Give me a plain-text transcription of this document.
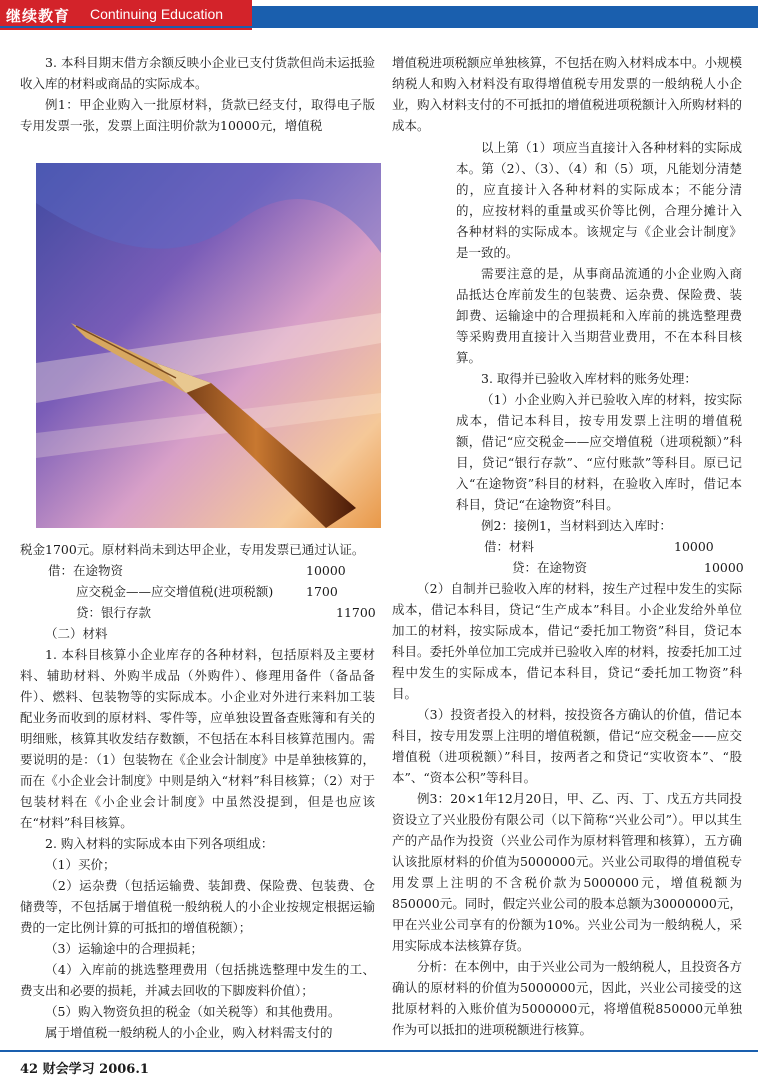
继续教育 Continuing Education

3. 本科目期末借方余额反映小企业已支付货款但尚未运抵验收入库的材料或商品的实际成本。

例1：甲企业购入一批原材料，货款已经支付，取得电子版专用发票一张，发票上面注明价款为10000元，增值税

税金1700元。原材料尚未到达甲企业，专用发票已通过认证。

借：在途物资	10000
应交税金——应交增值税(进项税额)	1700
贷：银行存款	11700

（二）材料

1. 本科目核算小企业库存的各种材料，包括原料及主要材料、辅助材料、外购半成品（外购件）、修理用备件（备品备件）、燃料、包装物等的实际成本。小企业对外进行来料加工装配业务而收到的原材料、零件等，应单独设置备查账簿和有关的明细账，核算其收发结存数额，不包括在本科目核算范围内。需要说明的是：（1）包装物在《企业会计制度》中是单独核算的，而在《小企业会计制度》中则是纳入“材料”科目核算；（2）对于包装材料在《小企业会计制度》中虽然没提到，但是也应该在“材料”科目核算。

2. 购入材料的实际成本由下列各项组成：

（1）买价；

（2）运杂费（包括运输费、装卸费、保险费、包装费、仓储费等，不包括属于增值税一般纳税人的小企业按规定根据运输费的一定比例计算的可抵扣的增值税额）；

（3）运输途中的合理损耗；

（4）入库前的挑选整理费用（包括挑选整理中发生的工、费支出和必要的损耗，并减去回收的下脚废料价值）；

（5）购入物资负担的税金（如关税等）和其他费用。

属于增值税一般纳税人的小企业，购入材料需支付的

增值税进项税额应单独核算，不包括在购入材料成本中。小规模纳税人和购入材料没有取得增值税专用发票的一般纳税人小企业，购入材料支付的不可抵扣的增值税进项税额计入所购材料的成本。

以上第（1）项应当直接计入各种材料的实际成本。第（2）、（3）、（4）和（5）项，凡能划分清楚的，应直接计入各种材料的实际成本；不能分清的，应按材料的重量或买价等比例，合理分摊计入各种材料的实际成本。该规定与《企业会计制度》是一致的。

需要注意的是，从事商品流通的小企业购入商品抵达仓库前发生的包装费、运杂费、保险费、装卸费、运输途中的合理损耗和入库前的挑选整理费等采购费用直接计入当期营业费用，不在本科目核算。

3. 取得并已验收入库材料的账务处理：

（1）小企业购入并已验收入库的材料，按实际成本，借记本科目，按专用发票上注明的增值税额，借记“应交税金——应交增值税（进项税额）”科目，贷记“银行存款”、“应付账款”等科目。原已记入“在途物资”科目的材料，在验收入库时，借记本科目，贷记“在途物资”科目。

例2：接例1，当材料到达入库时：

借：材料	10000
贷：在途物资	10000

（2）自制并已验收入库的材料，按生产过程中发生的实际成本，借记本科目，贷记“生产成本”科目。小企业发给外单位加工的材料，按实际成本，借记“委托加工物资”科目，贷记本科目。委托外单位加工完成并已验收入库的材料，按委托加工过程中发生的实际成本，借记本科目，贷记“委托加工物资”科目。

（3）投资者投入的材料，按投资各方确认的价值，借记本科目，按专用发票上注明的增值税额，借记“应交税金——应交增值税（进项税额）”科目，按两者之和贷记“实收资本”、“股本”、“资本公积”等科目。

例3：20×1年12月20日，甲、乙、丙、丁、戊五方共同投资设立了兴业股份有限公司（以下简称“兴业公司”）。甲以其生产的产品作为投资（兴业公司作为原材料管理和核算），五方确认该批原材料的价值为5000000元。兴业公司取得的增值税专用发票上注明的不含税价款为5000000元，增值税额为850000元。同时，假定兴业公司的股本总额为30000000元，甲在兴业公司享有的份额为10%。兴业公司为一般纳税人，采用实际成本法核算存货。

分析：在本例中，由于兴业公司为一般纳税人，且投资各方确认的原材料的价值为5000000元，因此，兴业公司接受的这批原材料的入账价值为5000000元，将增值税850000元单独作为可以抵扣的进项税额进行核算。

42 财会学习 2006.1
